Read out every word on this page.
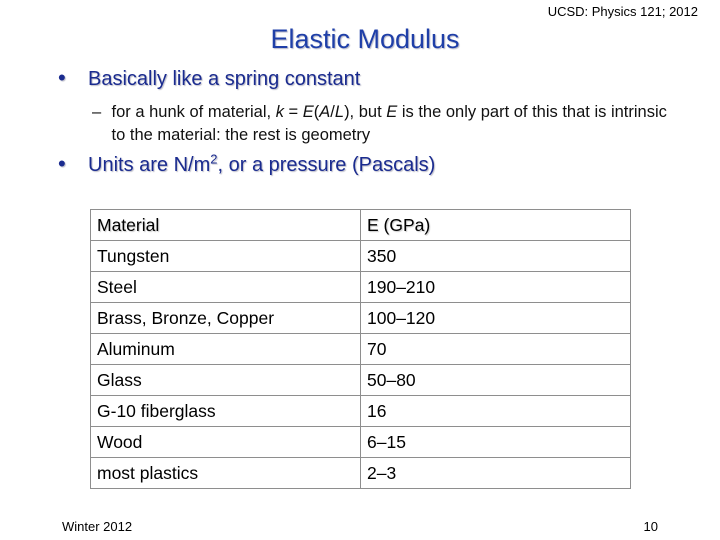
UCSD: Physics 121; 2012
Elastic Modulus
•	Basically like a spring constant
– for a hunk of material, k = E(A/L), but E is the only part of this that is intrinsic to the material: the rest is geometry
•	Units are $N/m^2$, or a pressure (Pascals)
Material	E (GPa)
Tungsten	350
Steel	190–210
Brass, Bronze, Copper	100–120
Aluminum	70
Glass	50–80
G-10 fiberglass	16
Wood	6–15
most plastics	2–3
Winter 2012	10
